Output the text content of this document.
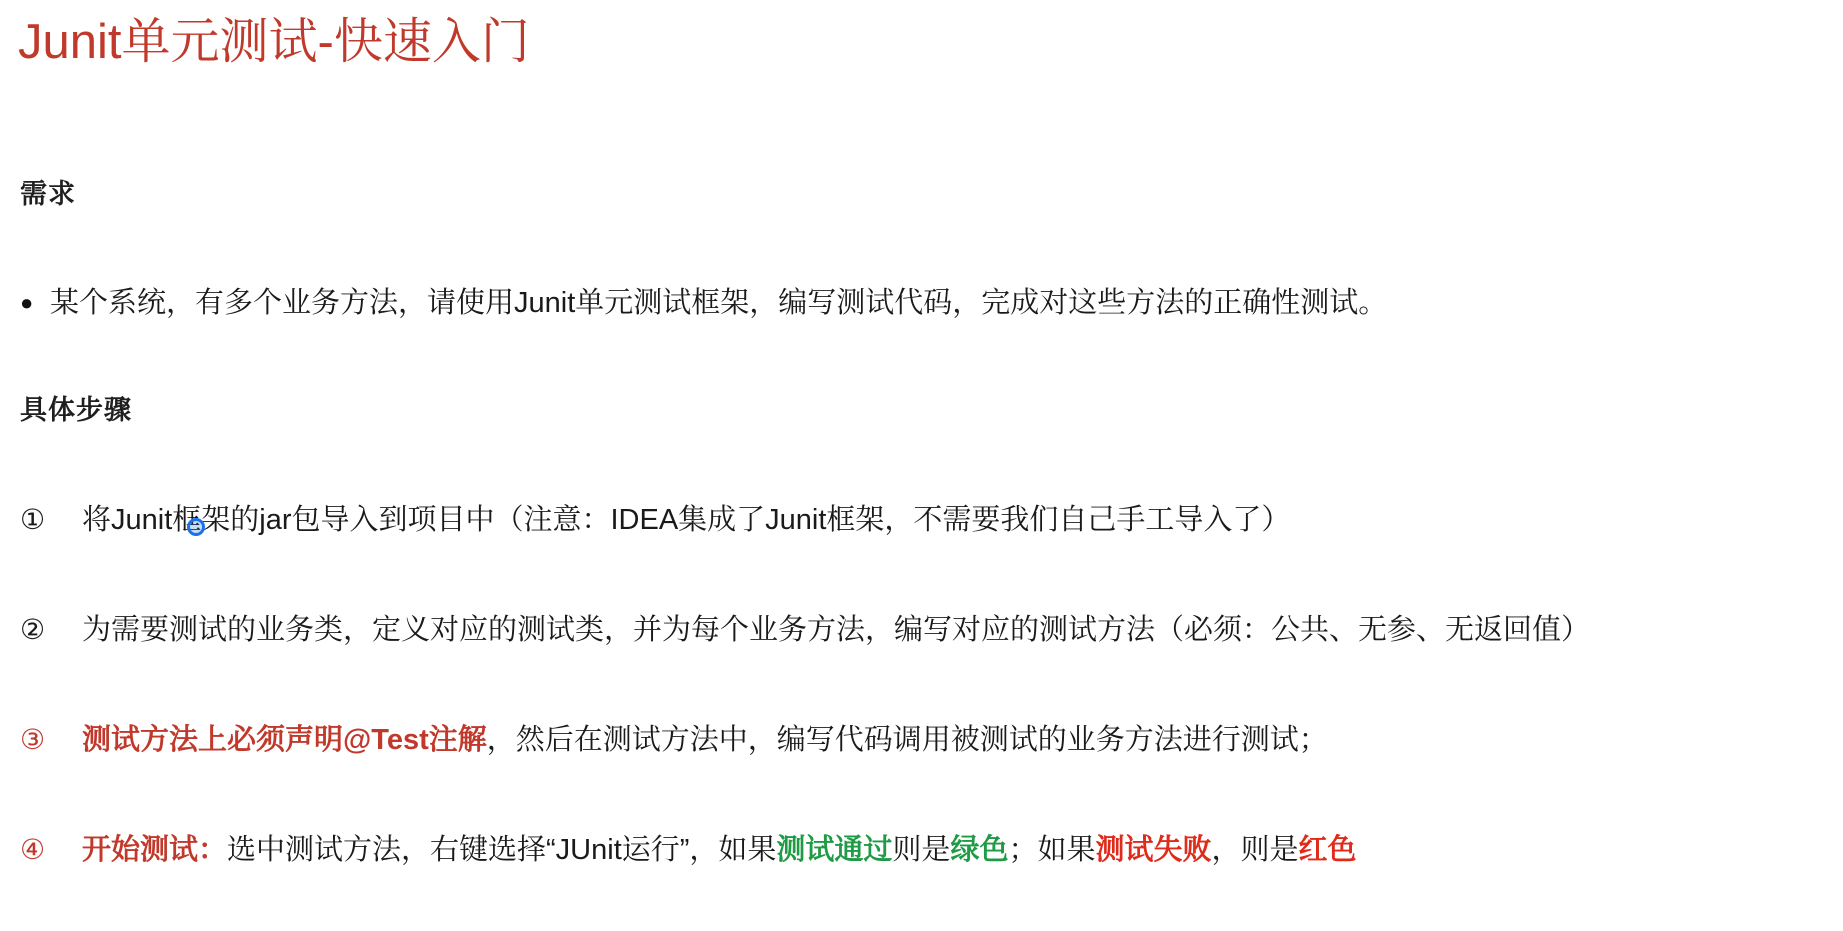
Junit单元测试-快速入门
需求
● 某个系统，有多个业务方法，请使用Junit单元测试框架，编写测试代码，完成对这些方法的正确性测试。
具体步骤
①	将Junit框架的jar包导入到项目中（注意：IDEA集成了Junit框架，不需要我们自己手工导入了）
②	为需要测试的业务类，定义对应的测试类，并为每个业务方法，编写对应的测试方法（必须：公共、无参、无返回值）
③	测试方法上必须声明@Test注解，然后在测试方法中，编写代码调用被测试的业务方法进行测试；
④	开始测试：选中测试方法，右键选择“JUnit运行”，如果测试通过则是绿色；如果测试失败，则是红色
